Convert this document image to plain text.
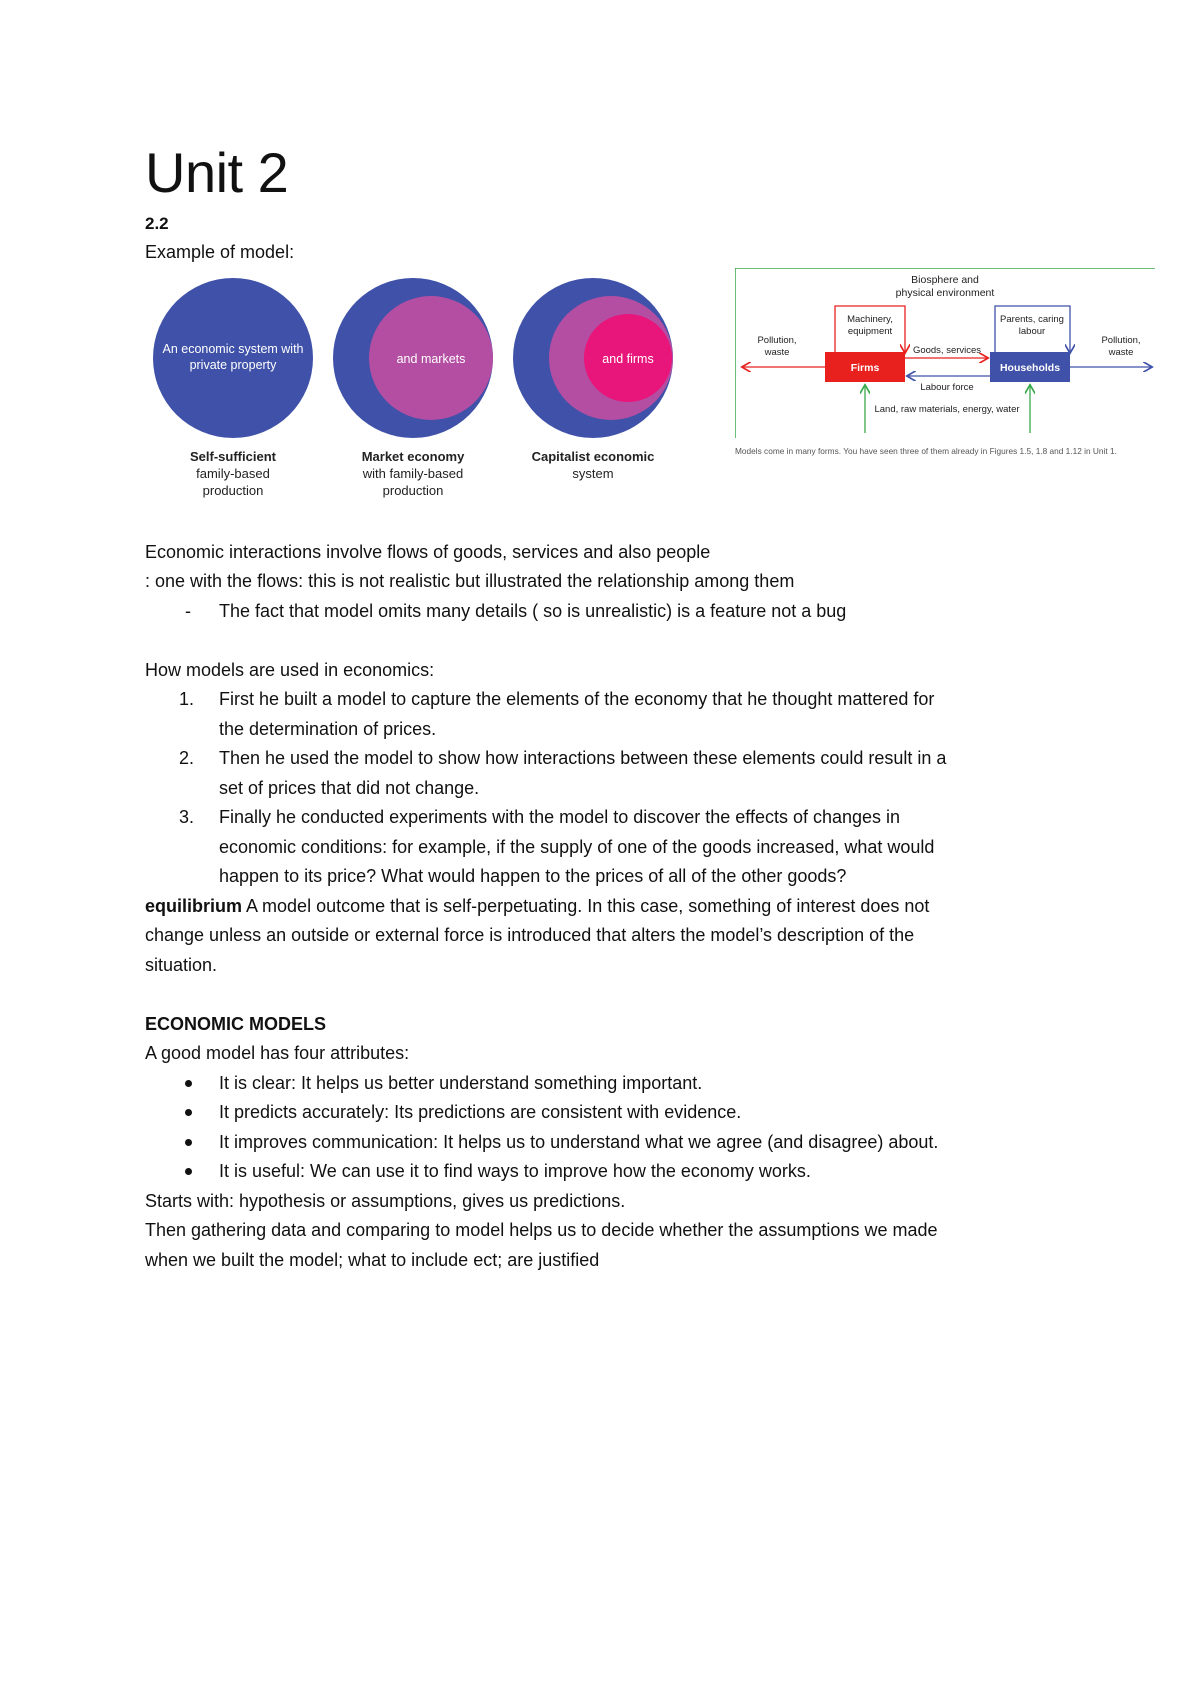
Unit 2
2.2

Example of model:

An economic system with
private property	and markets	and firms
Self-sufficient
family-based
production
Market economy
with family-based
production
Capitalist economic
system
Biosphere and
physical environment
Machinery,
equipment
Parents, caring
labour
Firms	Households
Goods, services
Labour force
Pollution,
waste
Pollution,
waste
Land, raw materials, energy, water
Models come in many forms. You have seen three of them already in Figures 1.5, 1.8 and 1.12 in Unit 1.

Economic interactions involve flows of goods, services and also people

: one with the flows: this is not realistic but illustrated the relationship among them

- The fact that model omits many details ( so is unrealistic) is a feature not a bug

How models are used in economics:

1. First he built a model to capture the elements of the economy that he thought mattered for
the determination of prices.
2. Then he used the model to show how interactions between these elements could result in a
set of prices that did not change.
3. Finally he conducted experiments with the model to discover the effects of changes in
economic conditions: for example, if the supply of one of the goods increased, what would
happen to its price? What would happen to the prices of all of the other goods?

equilibrium A model outcome that is self-perpetuating. In this case, something of interest does not

change unless an outside or external force is introduced that alters the model’s description of the

situation.

ECONOMIC MODELS

A good model has four attributes:

It is clear: It helps us better understand something important.
It predicts accurately: Its predictions are consistent with evidence.
It improves communication: It helps us to understand what we agree (and disagree) about.
It is useful: We can use it to find ways to improve how the economy works.

Starts with: hypothesis or assumptions, gives us predictions.

Then gathering data and comparing to model helps us to decide whether the assumptions we made

when we built the model; what to include ect; are justified
